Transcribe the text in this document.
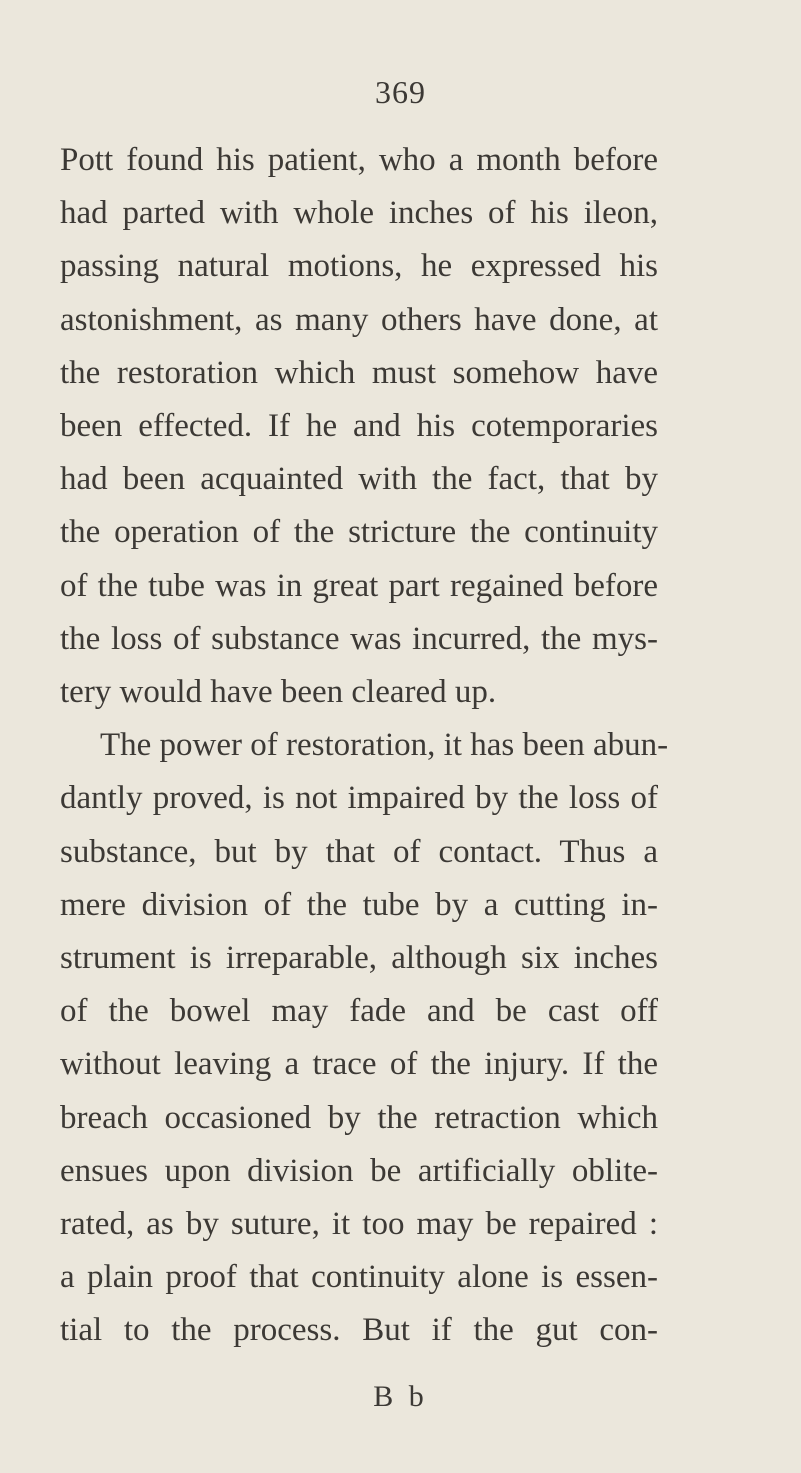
369
Pott found his patient, who a month before
had parted with whole inches of his ileon,
passing natural motions, he expressed his
astonishment, as many others have done, at
the restoration which must somehow have
been effected. If he and his cotemporaries
had been acquainted with the fact, that by
the operation of the stricture the continuity
of the tube was in great part regained before
the loss of substance was incurred, the mys-
tery would have been cleared up.
The power of restoration, it has been abun-
dantly proved, is not impaired by the loss of
substance, but by that of contact. Thus a
mere division of the tube by a cutting in-
strument is irreparable, although six inches
of the bowel may fade and be cast off
without leaving a trace of the injury. If the
breach occasioned by the retraction which
ensues upon division be artificially oblite-
rated, as by suture, it too may be repaired :
a plain proof that continuity alone is essen-
tial to the process. But if the gut con-
B b
